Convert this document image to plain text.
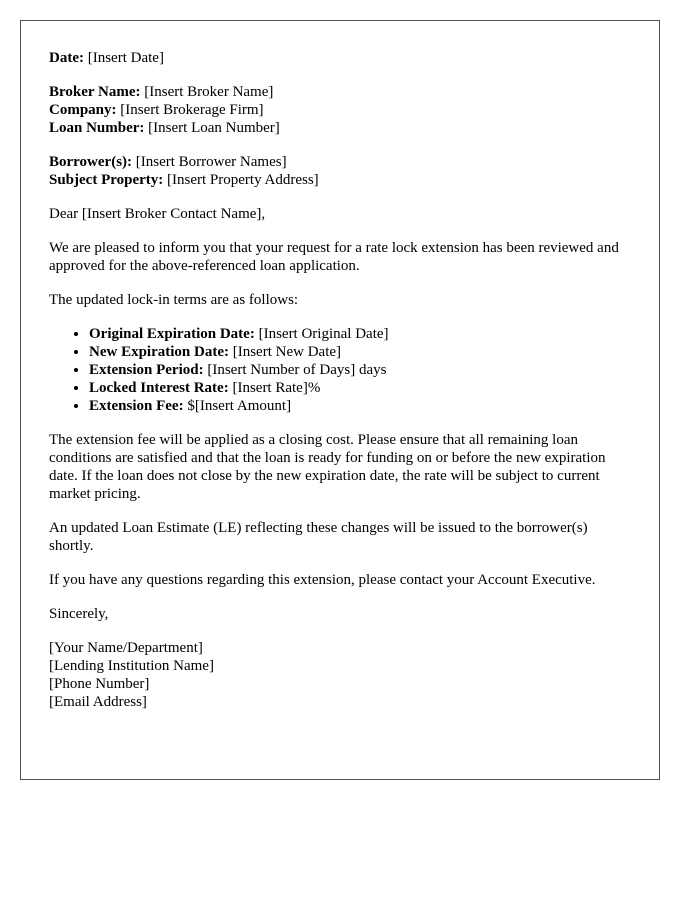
Date: [Insert Date]
Broker Name: [Insert Broker Name]
Company: [Insert Brokerage Firm]
Loan Number: [Insert Loan Number]
Borrower(s): [Insert Borrower Names]
Subject Property: [Insert Property Address]

Dear [Insert Broker Contact Name],

We are pleased to inform you that your request for a rate lock extension has been reviewed and approved for the above-referenced loan application.

The updated lock-in terms are as follows:

• Original Expiration Date: [Insert Original Date]
• New Expiration Date: [Insert New Date]
• Extension Period: [Insert Number of Days] days
• Locked Interest Rate: [Insert Rate]%
• Extension Fee: $[Insert Amount]

The extension fee will be applied as a closing cost. Please ensure that all remaining loan conditions are satisfied and that the loan is ready for funding on or before the new expiration date. If the loan does not close by the new expiration date, the rate will be subject to current market pricing.

An updated Loan Estimate (LE) reflecting these changes will be issued to the borrower(s) shortly.

If you have any questions regarding this extension, please contact your Account Executive.

Sincerely,

[Your Name/Department]
[Lending Institution Name]
[Phone Number]
[Email Address]
